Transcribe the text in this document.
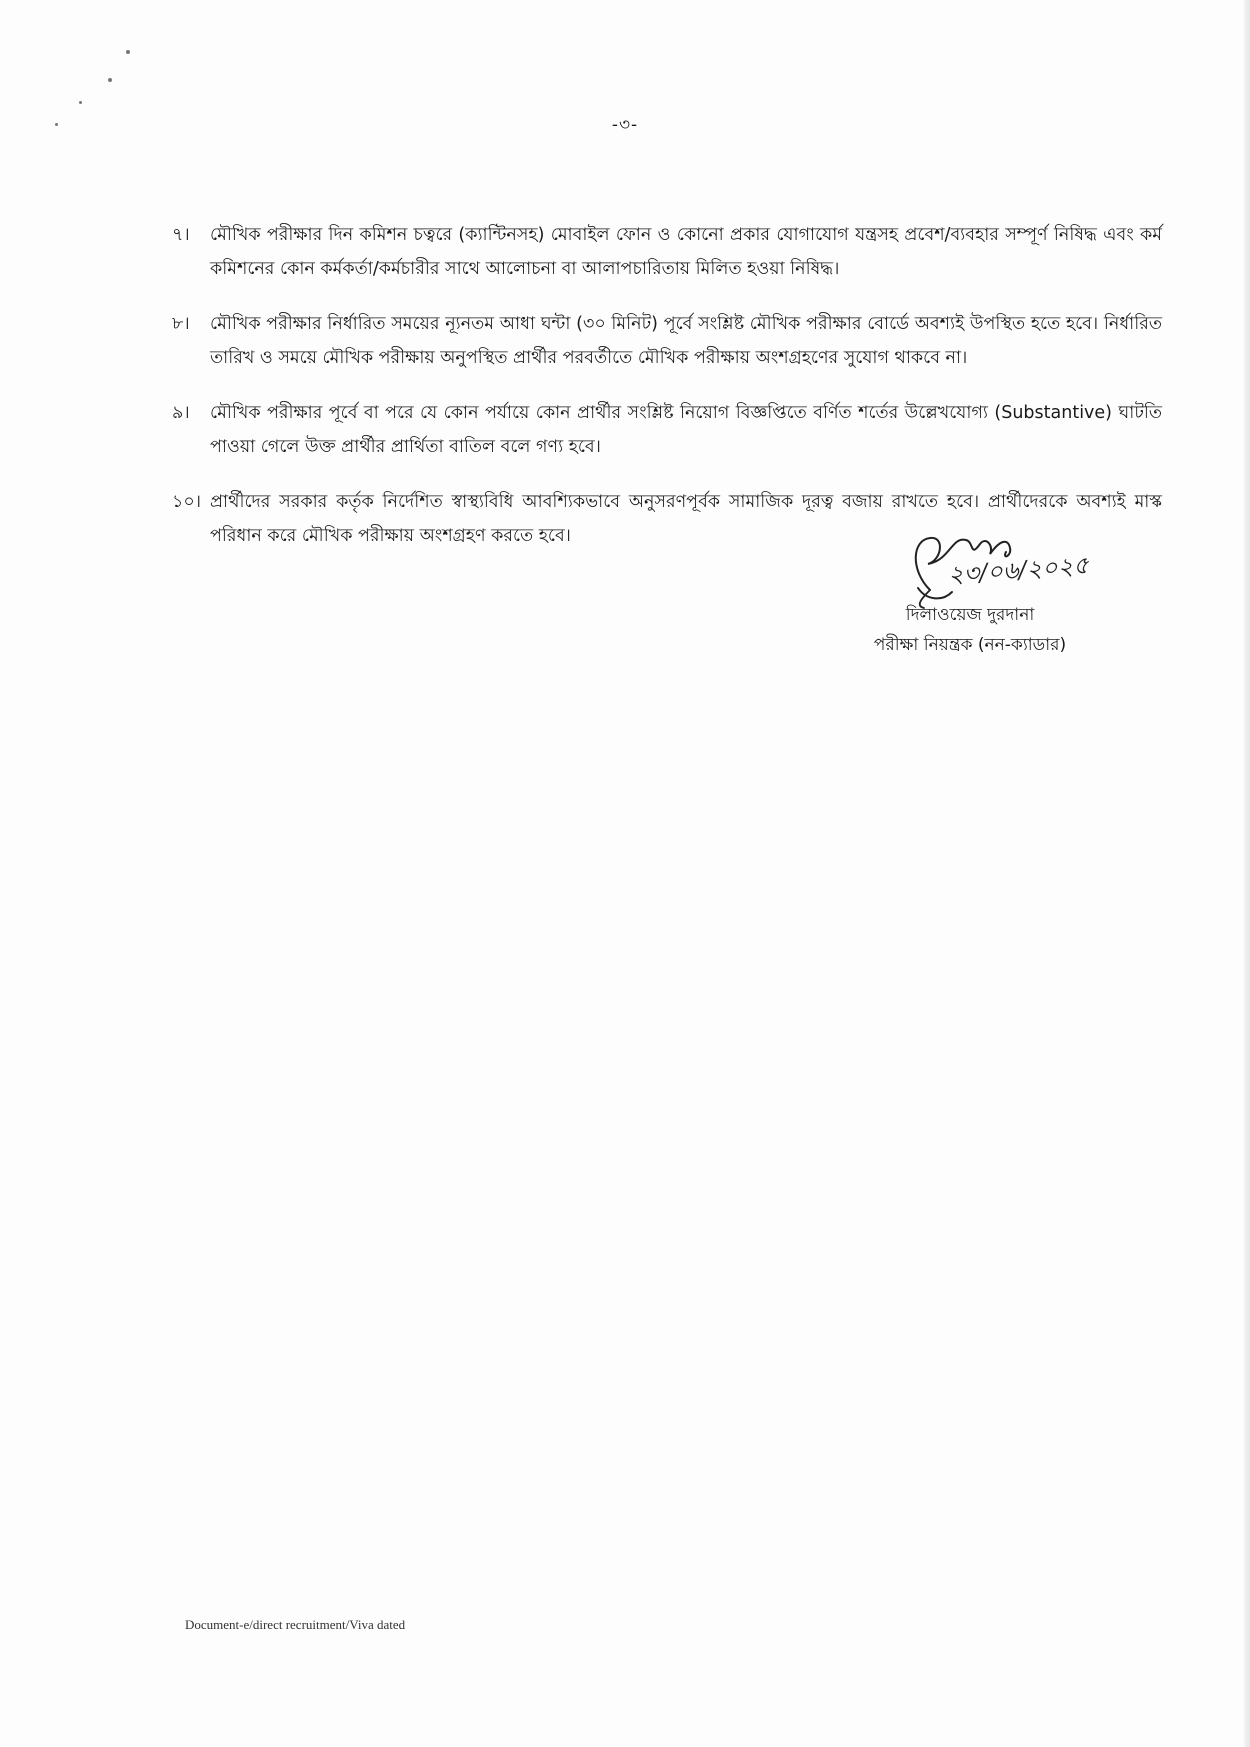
-৩-
৭। মৌখিক পরীক্ষার দিন কমিশন চত্বরে (ক্যান্টিনসহ) মোবাইল ফোন ও কোনো প্রকার যোগাযোগ যন্ত্রসহ প্রবেশ/ব্যবহার সম্পূর্ণ নিষিদ্ধ এবং কর্ম কমিশনের কোন কর্মকর্তা/কর্মচারীর সাথে আলোচনা বা আলাপচারিতায় মিলিত হওয়া নিষিদ্ধ।
৮। মৌখিক পরীক্ষার নির্ধারিত সময়ের ন্যূনতম আধা ঘন্টা (৩০ মিনিট) পূর্বে সংশ্লিষ্ট মৌখিক পরীক্ষার বোর্ডে অবশ্যই উপস্থিত হতে হবে। নির্ধারিত তারিখ ও সময়ে মৌখিক পরীক্ষায় অনুপস্থিত প্রার্থীর পরবর্তীতে মৌখিক পরীক্ষায় অংশগ্রহণের সুযোগ থাকবে না।
৯। মৌখিক পরীক্ষার পূর্বে বা পরে যে কোন পর্যায়ে কোন প্রার্থীর সংশ্লিষ্ট নিয়োগ বিজ্ঞপ্তিতে বর্ণিত শর্তের উল্লেখযোগ্য (Substantive) ঘাটতি পাওয়া গেলে উক্ত প্রার্থীর প্রার্থিতা বাতিল বলে গণ্য হবে।
১০। প্রার্থীদের সরকার কর্তৃক নির্দেশিত স্বাস্থ্যবিধি আবশ্যিকভাবে অনুসরণপূর্বক সামাজিক দূরত্ব বজায় রাখতে হবে। প্রার্থীদেরকে অবশ্যই মাস্ক পরিধান করে মৌখিক পরীক্ষায় অংশগ্রহণ করতে হবে।
২৩/০৬/২০২৫
দিলাওয়েজ দুরদানা
পরীক্ষা নিয়ন্ত্রক (নন-ক্যাডার)
Document-e/direct recruitment/Viva dated
